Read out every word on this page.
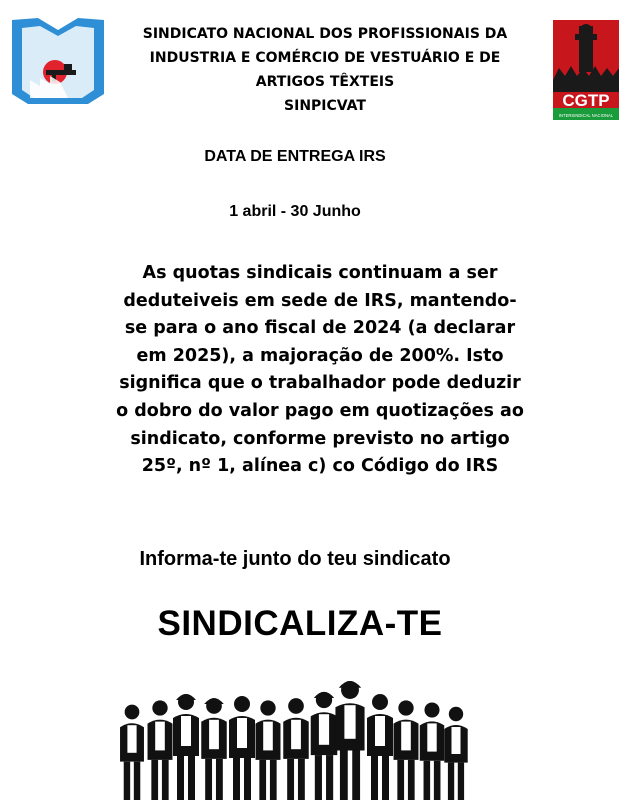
SINDICATO NACIONAL DOS PROFISSIONAIS DA
INDUSTRIA E COMÉRCIO DE VESTUÁRIO E DE
ARTIGOS TÊXTEIS
SINPICVAT	CGTP
INTERSINDICAL NACIONAL
DATA DE ENTREGA IRS
1 abril - 30 Junho
As quotas sindicais continuam a ser
deduteiveis em sede de IRS, mantendo-
se para o ano fiscal de 2024 (a declarar
em 2025), a majoração de 200%. Isto
significa que o trabalhador pode deduzir
o dobro do valor pago em quotizações ao
sindicato, conforme previsto no artigo
25º, nº 1, alínea c) co Código do IRS
Informa-te junto do teu sindicato
SINDICALIZA-TE
